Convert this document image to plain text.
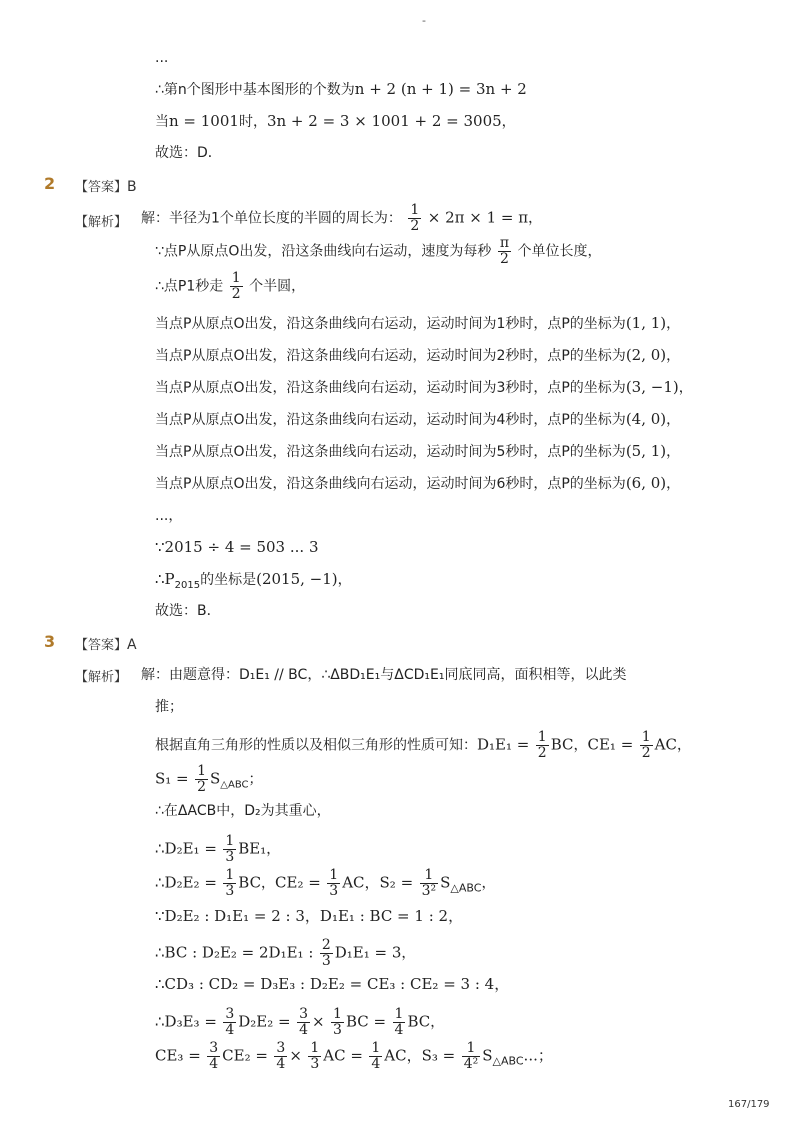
-
...
∴第n个图形中基本图形的个数为n + 2 (n + 1) = 3n + 2
当n = 1001时，3n + 2 = 3 × 1001 + 2 = 3005，
故选：D．
2 【答案】B
【解析】 解：半径为1个单位长度的半圆的周长为： $\frac{1}{2} \times 2\pi \times 1 = \pi$，
∵点P从原点O出发，沿这条曲线向右运动，速度为每秒 $\frac{\pi}{2}$ 个单位长度，
∴点P1秒走 $\frac{1}{2}$ 个半圆，
当点P从原点O出发，沿这条曲线向右运动，运动时间为1秒时，点P的坐标为(1, 1)，
当点P从原点O出发，沿这条曲线向右运动，运动时间为2秒时，点P的坐标为(2, 0)，
当点P从原点O出发，沿这条曲线向右运动，运动时间为3秒时，点P的坐标为(3, −1)，
当点P从原点O出发，沿这条曲线向右运动，运动时间为4秒时，点P的坐标为(4, 0)，
当点P从原点O出发，沿这条曲线向右运动，运动时间为5秒时，点P的坐标为(5, 1)，
当点P从原点O出发，沿这条曲线向右运动，运动时间为6秒时，点P的坐标为(6, 0)，
...，
∵2015 ÷ 4 = 503 ... 3
$\therefore P_{2015}$的坐标是(2015, −1)，
故选：B．
3 【答案】A
【解析】 解：由题意得：D₁E₁ // BC，∴ΔBD₁E₁与ΔCD₁E₁同底同高，面积相等，以此类
推；
根据直角三角形的性质以及相似三角形的性质可知：$D_1E_1 = \frac{1}{2}$ BC，$CE_1 = \frac{1}{2}$ AC，
$S_1 = \frac{1}{2} S_{\triangle ABC}$；
∴在ΔACB中，D₂为其重心，
∴D₂E₁ = $\frac{1}{3} BE_1$，
∴D₂E₂ = $\frac{1}{3}$ BC，$CE_2 = \frac{1}{3}$ AC，$S_2 = \frac{1}{\text{3²}} S_{\triangle ABC}$，
∵D₂E₂ : D₁E₁ = 2 : 3，D₁E₁ : BC = 1 : 2，
∴BC : D₂E₂ = 2D₁E₁ : $\frac{2}{3} D_1E_1 = 3$，
∴CD₃ : CD₂ = D₃E₃ : D₂E₂ = CE₃ : CE₂ = 3 : 4，
∴D₃E₃ = $\frac{3}{4} D_2E_2 = \frac{3}{4} \times \frac{1}{3}$ BC = $\frac{1}{4}$ BC，
$CE_3 = \frac{3}{4} CE_2 = \frac{3}{4} \times \frac{1}{3}$ AC = $\frac{1}{4}$ AC，$S_3 = \frac{1}{\text{4²}} S_{\triangle ABC}$...；
167/179
